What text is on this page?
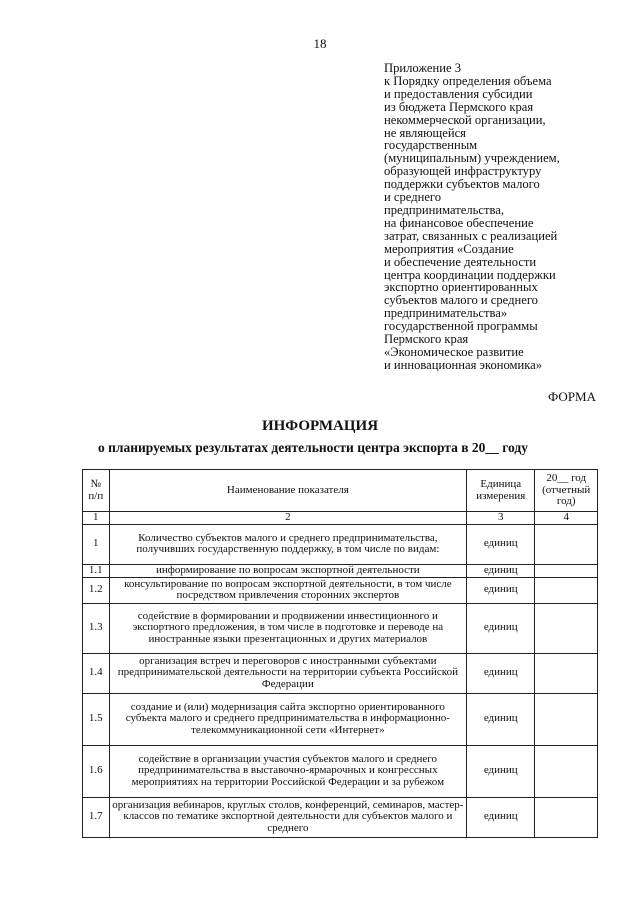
18
Приложение 3
к Порядку определения объема
и предоставления субсидии
из бюджета Пермского края
некоммерческой организации,
не являющейся
государственным
(муниципальным) учреждением,
образующей инфраструктуру
поддержки субъектов малого
и среднего
предпринимательства,
на финансовое обеспечение
затрат, связанных с реализацией
мероприятия «Создание
и обеспечение деятельности
центра координации поддержки
экспортно ориентированных
субъектов малого и среднего
предпринимательства»
государственной программы
Пермского края
«Экономическое развитие
и инновационная экономика»
ФОРМА
ИНФОРМАЦИЯ
о планируемых результатах деятельности центра экспорта в 20__ году
№ п/п	Наименование показателя	Единица измерения	20__ год (отчетный год)
1	2	3	4
1	Количество субъектов малого и среднего предпринимательства, получивших государственную поддержку, в том числе по видам:	единиц	
1.1	информирование по вопросам экспортной деятельности	единиц	
1.2	консультирование по вопросам экспортной деятельности, в том числе посредством привлечения сторонних экспертов	единиц	
1.3	содействие в формировании и продвижении инвестиционного и экспортного предложения, в том числе в подготовке и переводе на иностранные языки презентационных и других материалов	единиц	
1.4	организация встреч и переговоров с иностранными субъектами предпринимательской деятельности на территории субъекта Российской Федерации	единиц	
1.5	создание и (или) модернизация сайта экспортно ориентированного субъекта малого и среднего предпринимательства в информационно-телекоммуникационной сети «Интернет»	единиц	
1.6	содействие в организации участия субъектов малого и среднего предпринимательства в выставочно-ярмарочных и конгрессных мероприятиях на территории Российской Федерации и за рубежом	единиц	
1.7	организация вебинаров, круглых столов, конференций, семинаров, мастер-классов по тематике экспортной деятельности для субъектов малого и среднего	единиц	
